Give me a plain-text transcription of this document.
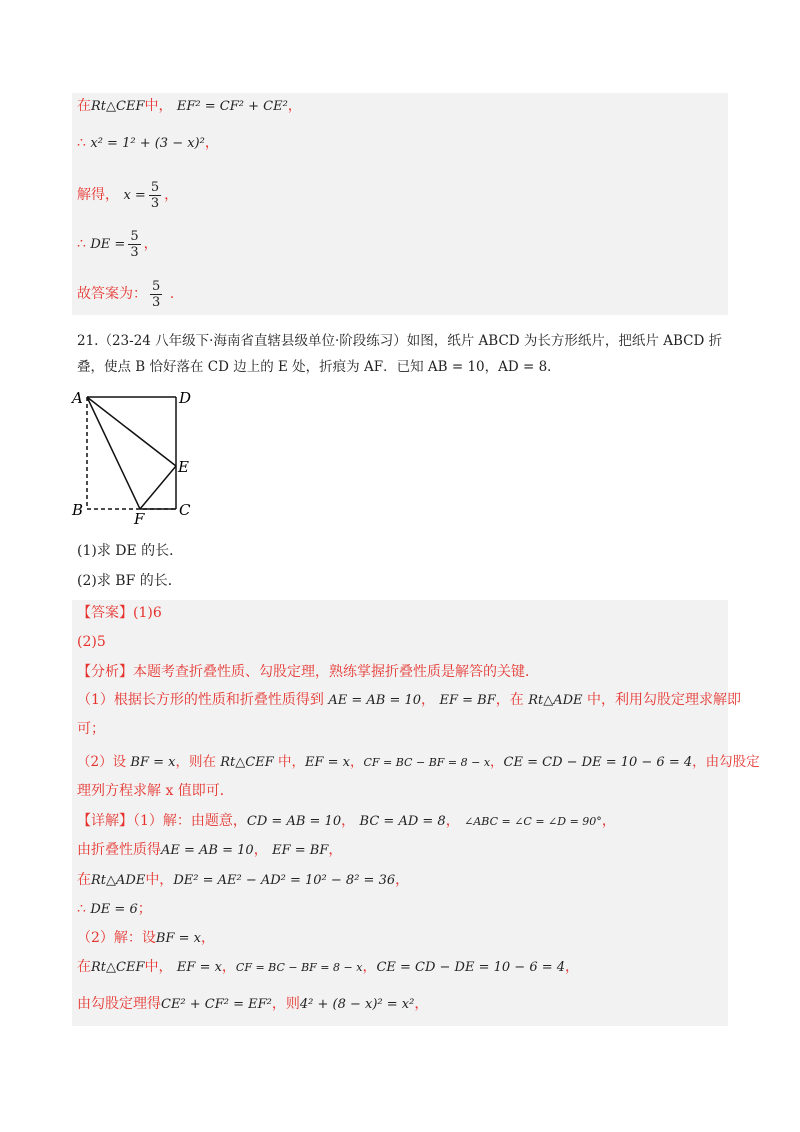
在Rt△CEF中， EF² = CF² + CE²，
∴ x² = 1² + (3 − x)²，
解得， $x = \frac{5}{3}$ ，
∴ DE = $\frac{5}{3}$ ，
故答案为： $\frac{5}{3}$ .
21.（23-24 八年级下·海南省直辖县级单位·阶段练习）如图，纸片 ABCD 为长方形纸片，把纸片 ABCD 折
叠，使点 B 恰好落在 CD 边上的 E 处，折痕为 AF．已知 AB = 10，AD = 8．
A	D
E
B	F C
(1)求 DE 的长．
(2)求 BF 的长．
【答案】(1)6
(2)5
【分析】本题考查折叠性质、勾股定理，熟练掌握折叠性质是解答的关键．
（1）根据长方形的性质和折叠性质得到 AE = AB = 10， EF = BF，在 Rt△ADE 中，利用勾股定理求解即
可；
（2）设 BF = x，则在 Rt△CEF 中，EF = x，CF = BC − BF = 8 − x，CE = CD − DE = 10 − 6 = 4，由勾股定
理列方程求解 x 值即可．
【详解】（1）解：由题意，CD = AB = 10， BC = AD = 8， ∠ABC = ∠C = ∠D = 90°，
由折叠性质得AE = AB = 10， EF = BF，
在Rt△ADE中，DE² = AE² − AD² = 10² − 8² = 36，
∴ DE = 6；
（2）解：设BF = x，
在Rt△CEF中， EF = x，CF = BC − BF = 8 − x，CE = CD − DE = 10 − 6 = 4，
由勾股定理得CE² + CF² = EF²，则4² + (8 − x)² = x²，
